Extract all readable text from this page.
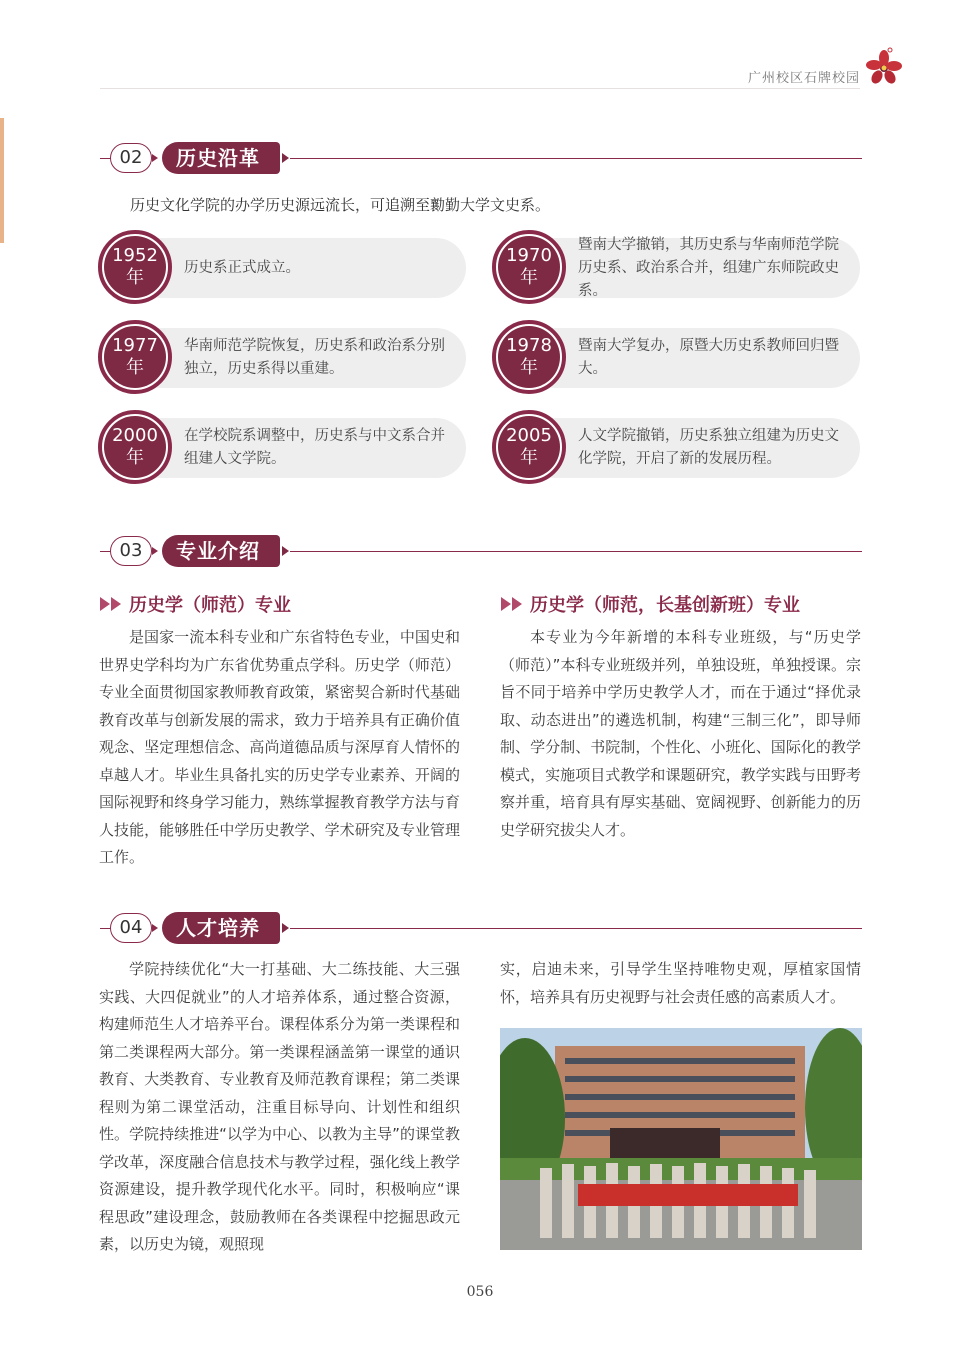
广州校区石牌校园
02	历史沿革
历史文化学院的办学历史源远流长，可追溯至勷勤大学文史系。
1952
年	历史系正式成立。
1970
年
暨南大学撤销，其历史系与华南师范学院历史系、政治系合并，组建广东师院政史系。
1977
年
华南师范学院恢复，历史系和政治系分别独立，历史系得以重建。
1978
年
暨南大学复办，原暨大历史系教师回归暨大。
2000
年
在学校院系调整中，历史系与中文系合并组建人文学院。
2005
年
人文学院撤销，历史系独立组建为历史文化学院，开启了新的发展历程。
03	专业介绍
历史学（师范）专业

是国家一流本科专业和广东省特色专业，中国史和世界史学科均为广东省优势重点学科。历史学（师范）专业全面贯彻国家教师教育政策，紧密契合新时代基础教育改革与创新发展的需求，致力于培养具有正确价值观念、坚定理想信念、高尚道德品质与深厚育人情怀的卓越人才。毕业生具备扎实的历史学专业素养、开阔的国际视野和终身学习能力，熟练掌握教育教学方法与育人技能，能够胜任中学历史教学、学术研究及专业管理工作。

历史学（师范，长基创新班）专业

本专业为今年新增的本科专业班级，与“历史学（师范）”本科专业班级并列，单独设班，单独授课。宗旨不同于培养中学历史教学人才，而在于通过“择优录取、动态进出”的遴选机制，构建“三制三化”，即导师制、学分制、书院制，个性化、小班化、国际化的教学模式，实施项目式教学和课题研究，教学实践与田野考察并重，培育具有厚实基础、宽阔视野、创新能力的历史学研究拔尖人才。

04	人才培养

学院持续优化“大一打基础、大二练技能、大三强实践、大四促就业”的人才培养体系，通过整合资源，构建师范生人才培养平台。课程体系分为第一类课程和第二类课程两大部分。第一类课程涵盖第一课堂的通识教育、大类教育、专业教育及师范教育课程；第二类课程则为第二课堂活动，注重目标导向、计划性和组织性。学院持续推进“以学为中心、以教为主导”的课堂教学改革，深度融合信息技术与教学过程，强化线上教学资源建设，提升教学现代化水平。同时，积极响应“课程思政”建设理念，鼓励教师在各类课程中挖掘思政元素，以历史为镜，观照现

实，启迪未来，引导学生坚持唯物史观，厚植家国情怀，培养具有历史视野与社会责任感的高素质人才。

056
